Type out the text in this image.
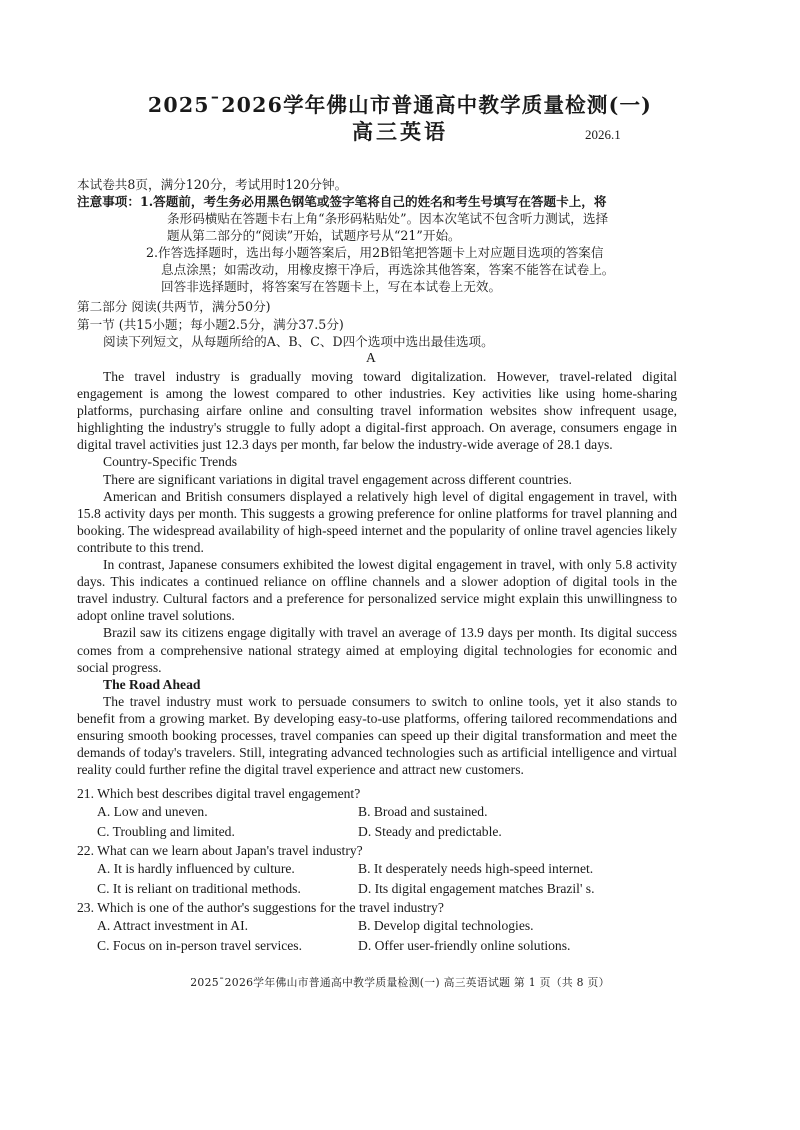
2025¯2026学年佛山市普通高中教学质量检测(一)
高三英语	2026.1
本试卷共8页，满分120分，考试用时120分钟。
注意事项：1.答题前，考生务必用黑色钢笔或签字笔将自己的姓名和考生号填写在答题卡上，将
条形码横贴在答题卡右上角“条形码粘贴处”。因本次笔试不包含听力测试，选择
题从第二部分的“阅读”开始，试题序号从“21”开始。
2.作答选择题时，选出每小题答案后，用2B铅笔把答题卡上对应题目选项的答案信
息点涂黑；如需改动，用橡皮擦干净后，再选涂其他答案，答案不能答在试卷上。
回答非选择题时，将答案写在答题卡上，写在本试卷上无效。
第二部分 阅读(共两节，满分50分)
第一节 (共15小题；每小题2.5分，满分37.5分)
阅读下列短文，从每题所给的A、B、C、D四个选项中选出最佳选项。
A

The travel industry is gradually moving toward digitalization. However, travel-related digital engagement is among the lowest compared to other industries. Key activities like using home-sharing platforms, purchasing airfare online and consulting travel information websites show infrequent usage, highlighting the industry's struggle to fully adopt a digital-first approach. On average, consumers engage in digital travel activities just 12.3 days per month, far below the industry-wide average of 28.1 days.

Country-Specific Trends

There are significant variations in digital travel engagement across different countries.

American and British consumers displayed a relatively high level of digital engagement in travel, with 15.8 activity days per month. This suggests a growing preference for online platforms for travel planning and booking. The widespread availability of high-speed internet and the popularity of online travel agencies likely contribute to this trend.

In contrast, Japanese consumers exhibited the lowest digital engagement in travel, with only 5.8 activity days. This indicates a continued reliance on offline channels and a slower adoption of digital tools in the travel industry. Cultural factors and a preference for personalized service might explain this unwillingness to adopt online travel solutions.

Brazil saw its citizens engage digitally with travel an average of 13.9 days per month. Its digital success comes from a comprehensive national strategy aimed at employing digital technologies for economic and social progress.

The Road Ahead

The travel industry must work to persuade consumers to switch to online tools, yet it also stands to benefit from a growing market. By developing easy-to-use platforms, offering tailored recommendations and ensuring smooth booking processes, travel companies can speed up their digital transformation and meet the demands of today's travelers. Still, integrating advanced technologies such as artificial intelligence and virtual reality could further refine the digital travel experience and attract new customers.

21. Which best describes digital travel engagement?
A. Low and uneven.	B. Broad and sustained.
C. Troubling and limited.	D. Steady and predictable.
22. What can we learn about Japan's travel industry?
A. It is hardly influenced by culture.	B. It desperately needs high-speed internet.
C. It is reliant on traditional methods.	D. Its digital engagement matches Brazil' s.
23. Which is one of the author's suggestions for the travel industry?
A. Attract investment in AI.	B. Develop digital technologies.
C. Focus on in-person travel services.	D. Offer user-friendly online solutions.
2025¯2026学年佛山市普通高中教学质量检测(一) 高三英语试题 第 1 页（共 8 页）
